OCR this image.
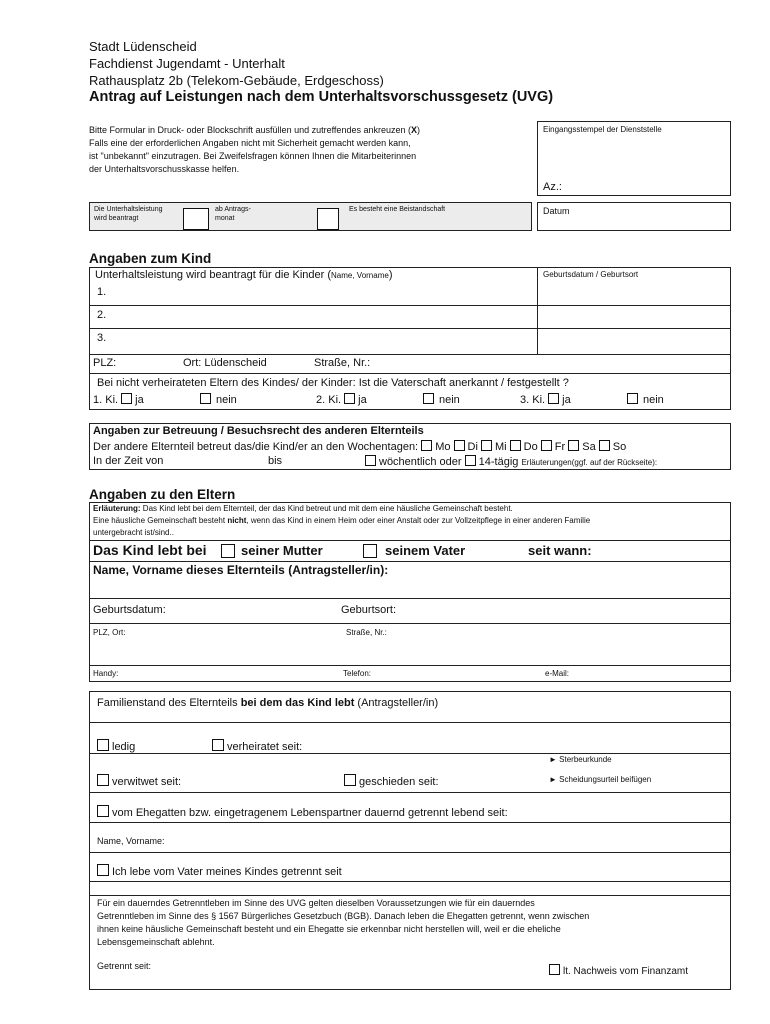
Stadt Lüdenscheid
Fachdienst Jugendamt - Unterhalt
Rathausplatz 2b (Telekom-Gebäude, Erdgeschoss)
Antrag auf Leistungen nach dem Unterhaltsvorschussgesetz (UVG)
Bitte Formular in Druck- oder Blockschrift ausfüllen und zutreffendes ankreuzen (X)
Falls eine der erforderlichen Angaben nicht mit Sicherheit gemacht werden kann,
ist "unbekannt" einzutragen. Bei Zweifelsfragen können Ihnen die Mitarbeiterinnen
der Unterhaltsvorschusskasse helfen.
Eingangsstempel der Dienststelle
Az.:
Die Unterhaltsleistung
wird beantragt
ab Antrags-
monat
Es besteht eine Beistandschaft	Datum
Angaben zum Kind
Unterhaltsleistung wird beantragt für die Kinder (Name, Vorname)	Geburtsdatum / Geburtsort
1.
2.
3.
PLZ:	Ort: Lüdenscheid	Straße, Nr.:
Bei nicht verheirateten Eltern des Kindes/ der Kinder: Ist die Vaterschaft anerkannt / festgestellt ?
1. Ki. ja	nein	2. Ki. ja	nein	3. Ki. ja	nein
Angaben zur Betreuung / Besuchsrecht des anderen Elternteils
Der andere Elternteil betreut das/die Kind/er an den Wochentagen: Mo Di Mi Do Fr Sa So
In der Zeit von	bis	wöchentlich oder 14-tägig Erläuterungen(ggf. auf der Rückseite):
Angaben zu den Eltern
Erläuterung: Das Kind lebt bei dem Elternteil, der das Kind betreut und mit dem eine häusliche Gemeinschaft besteht.
Eine häusliche Gemeinschaft besteht nicht, wenn das Kind in einem Heim oder einer Anstalt oder zur Vollzeitpflege in einer anderen Familie
untergebracht ist/sind..
Das Kind lebt bei	seiner Mutter	seinem Vater	seit wann:
Name, Vorname dieses Elternteils (Antragsteller/in):
Geburtsdatum:	Geburtsort:
PLZ, Ort:	Straße, Nr.:
Handy:	Telefon:	e-Mail:
Familienstand des Elternteils bei dem das Kind lebt (Antragsteller/in)
ledig	verheiratet seit:
► Sterbeurkunde
verwitwet seit:	geschieden seit:	► Scheidungsurteil beifügen
vom Ehegatten bzw. eingetragenem Lebenspartner dauernd getrennt lebend seit:
Name, Vorname:
Ich lebe vom Vater meines Kindes getrennt seit
Für ein dauerndes Getrenntleben im Sinne des UVG gelten dieselben Voraussetzungen wie für ein dauerndes
Getrenntleben im Sinne des § 1567 Bürgerliches Gesetzbuch (BGB). Danach leben die Ehegatten getrennt, wenn zwischen
ihnen keine häusliche Gemeinschaft besteht und ein Ehegatte sie erkennbar nicht herstellen will, weil er die eheliche
Lebensgemeinschaft ablehnt.
Getrennt seit:	lt. Nachweis vom Finanzamt
